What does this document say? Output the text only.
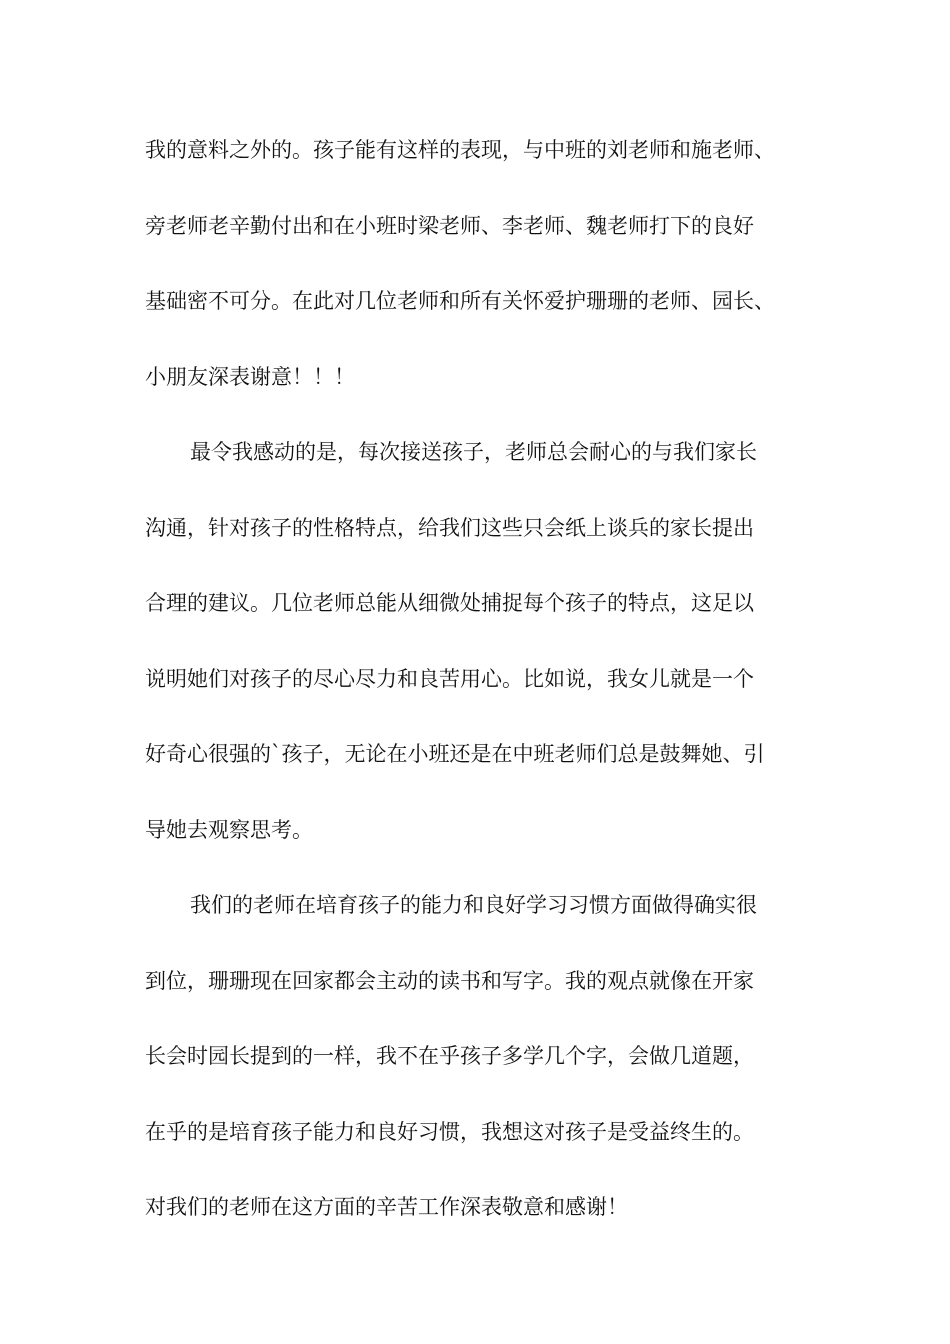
我的意料之外的。孩子能有这样的表现，与中班的刘老师和施老师、
旁老师老辛勤付出和在小班时梁老师、李老师、魏老师打下的良好
基础密不可分。在此对几位老师和所有关怀爱护珊珊的老师、园长、
小朋友深表谢意！！！
最令我感动的是，每次接送孩子，老师总会耐心的与我们家长
沟通，针对孩子的性格特点，给我们这些只会纸上谈兵的家长提出
合理的建议。几位老师总能从细微处捕捉每个孩子的特点，这足以
说明她们对孩子的尽心尽力和良苦用心。比如说，我女儿就是一个
好奇心很强的`孩子，无论在小班还是在中班老师们总是鼓舞她、引
导她去观察思考。
我们的老师在培育孩子的能力和良好学习习惯方面做得确实很
到位，珊珊现在回家都会主动的读书和写字。我的观点就像在开家
长会时园长提到的一样，我不在乎孩子多学几个字，会做几道题，
在乎的是培育孩子能力和良好习惯，我想这对孩子是受益终生的。
对我们的老师在这方面的辛苦工作深表敬意和感谢！
